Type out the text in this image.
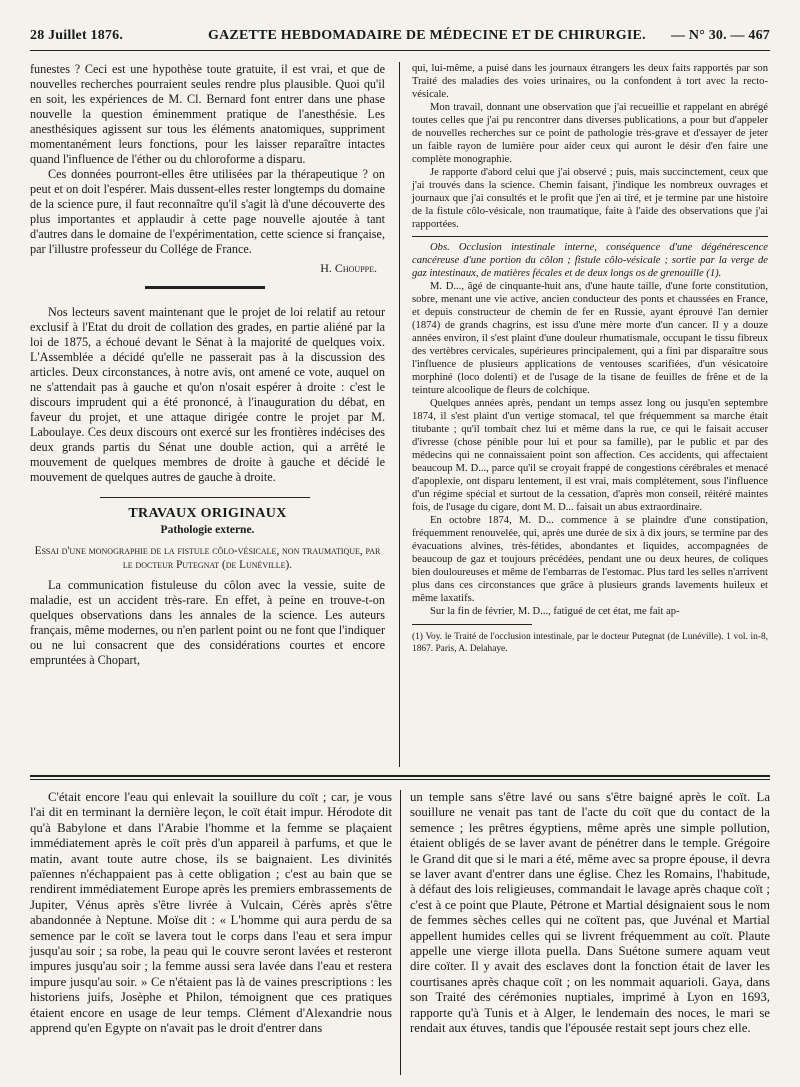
28 Juillet 1876.	GAZETTE HEBDOMADAIRE DE MÉDECINE ET DE CHIRURGIE. — N° 30. — 467

funestes ? Ceci est une hypothèse toute gratuite, il est vrai, et que de nouvelles recherches pourraient seules rendre plus plausible. Quoi qu'il en soit, les expériences de M. Cl. Bernard font entrer dans une phase nouvelle la question éminemment pratique de l'anesthésie. Les anesthésiques agissent sur tous les éléments anatomiques, suppriment momentanément leurs fonctions, pour les laisser reparaître intactes quand l'influence de l'éther ou du chloroforme a disparu.

Ces données pourront-elles être utilisées par la thérapeutique ? on peut et on doit l'espérer. Mais dussent-elles rester longtemps du domaine de la science pure, il faut reconnaître qu'il s'agit là d'une découverte des plus importantes et applaudir à cette page nouvelle ajoutée à tant d'autres dans le domaine de l'expérimentation, cette science si française, par l'illustre professeur du Collége de France.

H. Chouppe.

Nos lecteurs savent maintenant que le projet de loi relatif au retour exclusif à l'Etat du droit de collation des grades, en partie aliéné par la loi de 1875, a échoué devant le Sénat à la majorité de quelques voix. L'Assemblée a décidé qu'elle ne passerait pas à la discussion des articles. Deux circonstances, à notre avis, ont amené ce vote, auquel on ne s'attendait pas à gauche et qu'on n'osait espérer à droite : c'est le discours imprudent qui a été prononcé, à l'inauguration du débat, en faveur du projet, et une attaque dirigée contre le projet par M. Laboulaye. Ces deux discours ont exercé sur les frontières indécises des deux grands partis du Sénat une double action, qui a arrêté le mouvement de quelques membres de droite à gauche et décidé le mouvement de quelques autres de gauche à droite.

TRAVAUX ORIGINAUX
Pathologie externe.
Essai d'une monographie de la fistule côlo-vésicale, non traumatique, par le docteur Putegnat (de Lunéville).

La communication fistuleuse du côlon avec la vessie, suite de maladie, est un accident très-rare. En effet, à peine en trouve-t-on quelques observations dans les annales de la science. Les auteurs français, même modernes, ou n'en parlent point ou ne font que l'indiquer ou ne lui consacrent que des considérations courtes et encore empruntées à Chopart,

qui, lui-même, a puisé dans les journaux étrangers les deux faits rapportés par son Traité des maladies des voies urinaires, ou la confondent à tort avec la recto-vésicale.

Mon travail, donnant une observation que j'ai recueillie et rappelant en abrégé toutes celles que j'ai pu rencontrer dans diverses publications, a pour but d'appeler de nouvelles recherches sur ce point de pathologie très-grave et d'essayer de jeter un faible rayon de lumière pour aider ceux qui auront le désir d'en faire une complète monographie.

Je rapporte d'abord celui que j'ai observé ; puis, mais succinctement, ceux que j'ai trouvés dans la science. Chemin faisant, j'indique les nombreux ouvrages et journaux que j'ai consultés et le profit que j'en ai tiré, et je termine par une histoire de la fistule côlo-vésicale, non traumatique, faite à l'aide des observations que j'ai rapportées.

Obs. Occlusion intestinale interne, conséquence d'une dégénérescence cancéreuse d'une portion du côlon ; fistule côlo-vésicale ; sortie par la verge de gaz intestinaux, de matières fécales et de deux longs os de grenouille (1).

M. D..., âgé de cinquante-huit ans, d'une haute taille, d'une forte constitution, sobre, menant une vie active, ancien conducteur des ponts et chaussées en France, et depuis constructeur de chemin de fer en Russie, ayant éprouvé l'an dernier (1874) de grands chagrins, est issu d'une mère morte d'un cancer. Il y a douze années environ, il s'est plaint d'une douleur rhumatismale, occupant le tissu fibreux des vertèbres cervicales, supérieures principalement, qui a fini par disparaître sous l'influence de plusieurs applications de ventouses scarifiées, d'un vésicatoire morphiné (loco dolenti) et de l'usage de la tisane de feuilles de frêne et de la teinture alcoolique de fleurs de colchique.

Quelques années après, pendant un temps assez long ou jusqu'en septembre 1874, il s'est plaint d'un vertige stomacal, tel que fréquemment sa marche était titubante ; qu'il tombait chez lui et même dans la rue, ce qui le faisait accuser d'ivresse (chose pénible pour lui et pour sa famille), par le public et par des médecins qui ne connaissaient point son affection. Ces accidents, qui affectaient beaucoup M. D..., parce qu'il se croyait frappé de congestions cérébrales et menacé d'apoplexie, ont disparu lentement, il est vrai, mais complétement, sous l'influence d'un régime spécial et surtout de la cessation, d'après mon conseil, réitéré maintes fois, de l'usage du cigare, dont M. D... faisait un abus extraordinaire.

En octobre 1874, M. D... commence à se plaindre d'une constipation, fréquemment renouvelée, qui, après une durée de six à dix jours, se termine par des évacuations alvines, très-fétides, abondantes et liquides, accompagnées de beaucoup de gaz et toujours précédées, pendant une ou deux heures, de coliques bien douloureuses et même de l'embarras de l'estomac. Plus tard les selles n'arrivent plus dans ces circonstances que grâce à plusieurs grands lavements huileux et même laxatifs.

Sur la fin de février, M. D..., fatigué de cet état, me fait ap-

(1) Voy. le Traité de l'occlusion intestinale, par le docteur Putegnat (de Lunéville). 1 vol. in-8, 1867. Paris, A. Delahaye.

C'était encore l'eau qui enlevait la souillure du coït ; car, je vous l'ai dit en terminant la dernière leçon, le coït était impur. Hérodote dit qu'à Babylone et dans l'Arabie l'homme et la femme se plaçaient immédiatement après le coït près d'un appareil à parfums, et que le matin, avant toute autre chose, ils se baignaient. Les divinités païennes n'échappaient pas à cette obligation ; c'est au bain que se rendirent immédiatement Europe après les premiers embrassements de Jupiter, Vénus après s'être livrée à Vulcain, Cérès après s'être abandonnée à Neptune. Moïse dit : « L'homme qui aura perdu de sa semence par le coït se lavera tout le corps dans l'eau et sera impur jusqu'au soir ; sa robe, la peau qui le couvre seront lavées et resteront impures jusqu'au soir ; la femme aussi sera lavée dans l'eau et restera impure jusqu'au soir. » Ce n'étaient pas là de vaines prescriptions : les historiens juifs, Josèphe et Philon, témoignent que ces pratiques étaient encore en usage de leur temps. Clément d'Alexandrie nous apprend qu'en Egypte on n'avait pas le droit d'entrer dans

un temple sans s'être lavé ou sans s'être baigné après le coït. La souillure ne venait pas tant de l'acte du coït que du contact de la semence ; les prêtres égyptiens, même après une simple pollution, étaient obligés de se laver avant de pénétrer dans le temple. Grégoire le Grand dit que si le mari a été, même avec sa propre épouse, il devra se laver avant d'entrer dans une église. Chez les Romains, l'habitude, à défaut des lois religieuses, commandait le lavage après chaque coït ; c'est à ce point que Plaute, Pétrone et Martial désignaient sous le nom de femmes sèches celles qui ne coïtent pas, que Juvénal et Martial appellent humides celles qui se livrent fréquemment au coït. Plaute appelle une vierge illota puella. Dans Suétone sumere aquam veut dire coïter. Il y avait des esclaves dont la fonction était de laver les courtisanes après chaque coït ; on les nommait aquarioli. Gaya, dans son Traité des cérémonies nuptiales, imprimé à Lyon en 1693, rapporte qu'à Tunis et à Alger, le lendemain des noces, le mari se rendait aux étuves, tandis que l'épousée restait sept jours chez elle.
